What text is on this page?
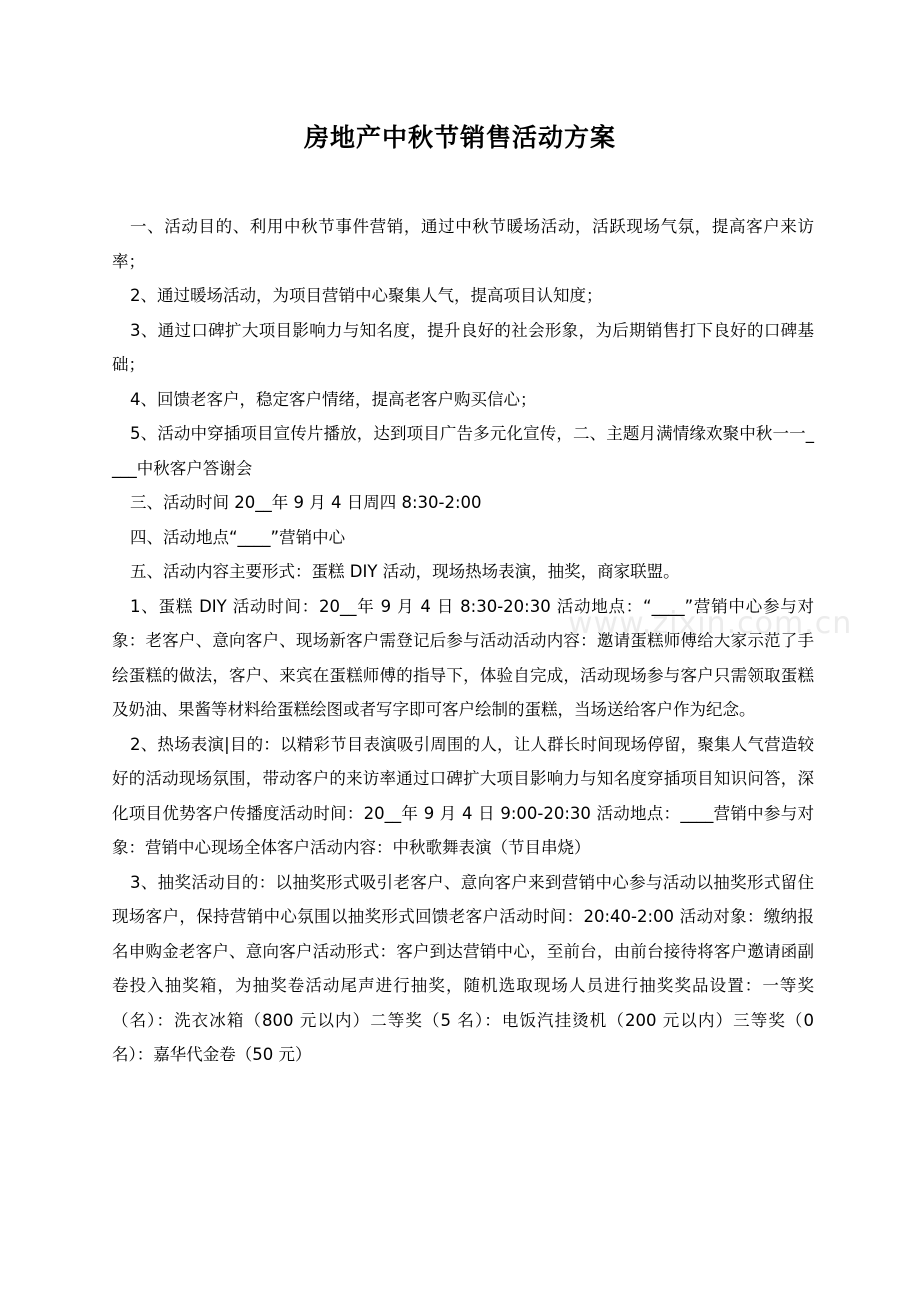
房地产中秋节销售活动方案

一、活动目的、利用中秋节事件营销，通过中秋节暖场活动，活跃现场气氛，提高客户来访率；

2、通过暖场活动，为项目营销中心聚集人气，提高项目认知度；

3、通过口碑扩大项目影响力与知名度，提升良好的社会形象，为后期销售打下良好的口碑基础；

4、回馈老客户，稳定客户情绪，提高老客户购买信心；

5、活动中穿插项目宣传片播放，达到项目广告多元化宣传，二、主题月满情缘欢聚中秋一一____中秋客户答谢会

三、活动时间 20__年 9 月 4 日周四 8:30-2:00

四、活动地点“____”营销中心

五、活动内容主要形式：蛋糕 DIY 活动，现场热场表演，抽奖，商家联盟。

1、蛋糕 DIY 活动时间：20__年 9 月 4 日 8:30-20:30 活动地点：“____”营销中心参与对象：老客户、意向客户、现场新客户需登记后参与活动活动内容：邀请蛋糕师傅给大家示范了手绘蛋糕的做法，客户、来宾在蛋糕师傅的指导下，体验自完成，活动现场参与客户只需领取蛋糕及奶油、果酱等材料给蛋糕绘图或者写字即可客户绘制的蛋糕，当场送给客户作为纪念。

2、热场表演|目的：以精彩节目表演吸引周围的人，让人群长时间现场停留，聚集人气营造较好的活动现场氛围，带动客户的来访率通过口碑扩大项目影响力与知名度穿插项目知识问答，深化项目优势客户传播度活动时间：20__年 9 月 4 日 9:00-20:30 活动地点：____营销中参与对象：营销中心现场全体客户活动内容：中秋歌舞表演（节目串烧）

3、抽奖活动目的：以抽奖形式吸引老客户、意向客户来到营销中心参与活动以抽奖形式留住现场客户，保持营销中心氛围以抽奖形式回馈老客户活动时间：20:40-2:00 活动对象：缴纳报名申购金老客户、意向客户活动形式：客户到达营销中心，至前台，由前台接待将客户邀请函副卷投入抽奖箱，为抽奖卷活动尾声进行抽奖，随机选取现场人员进行抽奖奖品设置：一等奖（名）：洗衣冰箱（800 元以内）二等奖（5 名）：电饭汽挂烫机（200 元以内）三等奖（0 名）：嘉华代金卷（50 元）

www.zixin.com.cn
